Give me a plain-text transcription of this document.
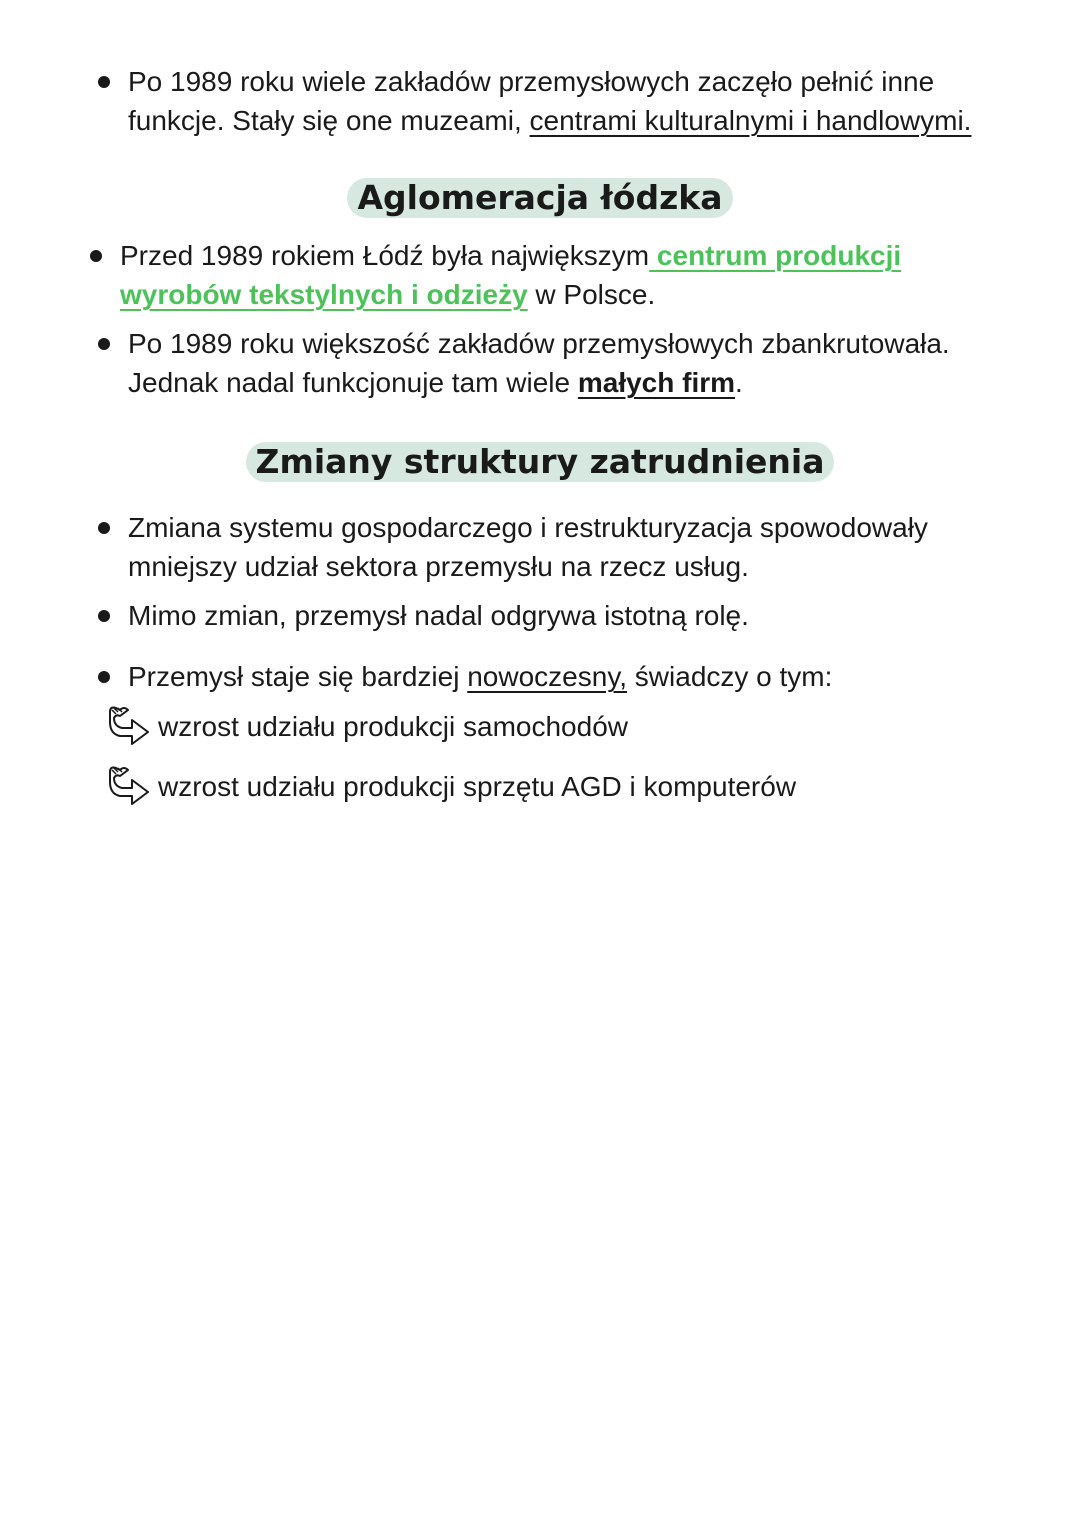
Po 1989 roku wiele zakładów przemysłowych zaczęło pełnić inne
funkcje. Stały się one muzeami, centrami kulturalnymi i handlowymi.
Aglomeracja łódzka
Przed 1989 rokiem Łódź była największym centrum produkcji
wyrobów tekstylnych i odzieży w Polsce.
Po 1989 roku większość zakładów przemysłowych zbankrutowała.
Jednak nadal funkcjonuje tam wiele małych firm.
Zmiany struktury zatrudnienia
Zmiana systemu gospodarczego i restrukturyzacja spowodowały
mniejszy udział sektora przemysłu na rzecz usług.
Mimo zmian, przemysł nadal odgrywa istotną rolę.
Przemysł staje się bardziej nowoczesny, świadczy o tym:
wzrost udziału produkcji samochodów
wzrost udziału produkcji sprzętu AGD i komputerów
